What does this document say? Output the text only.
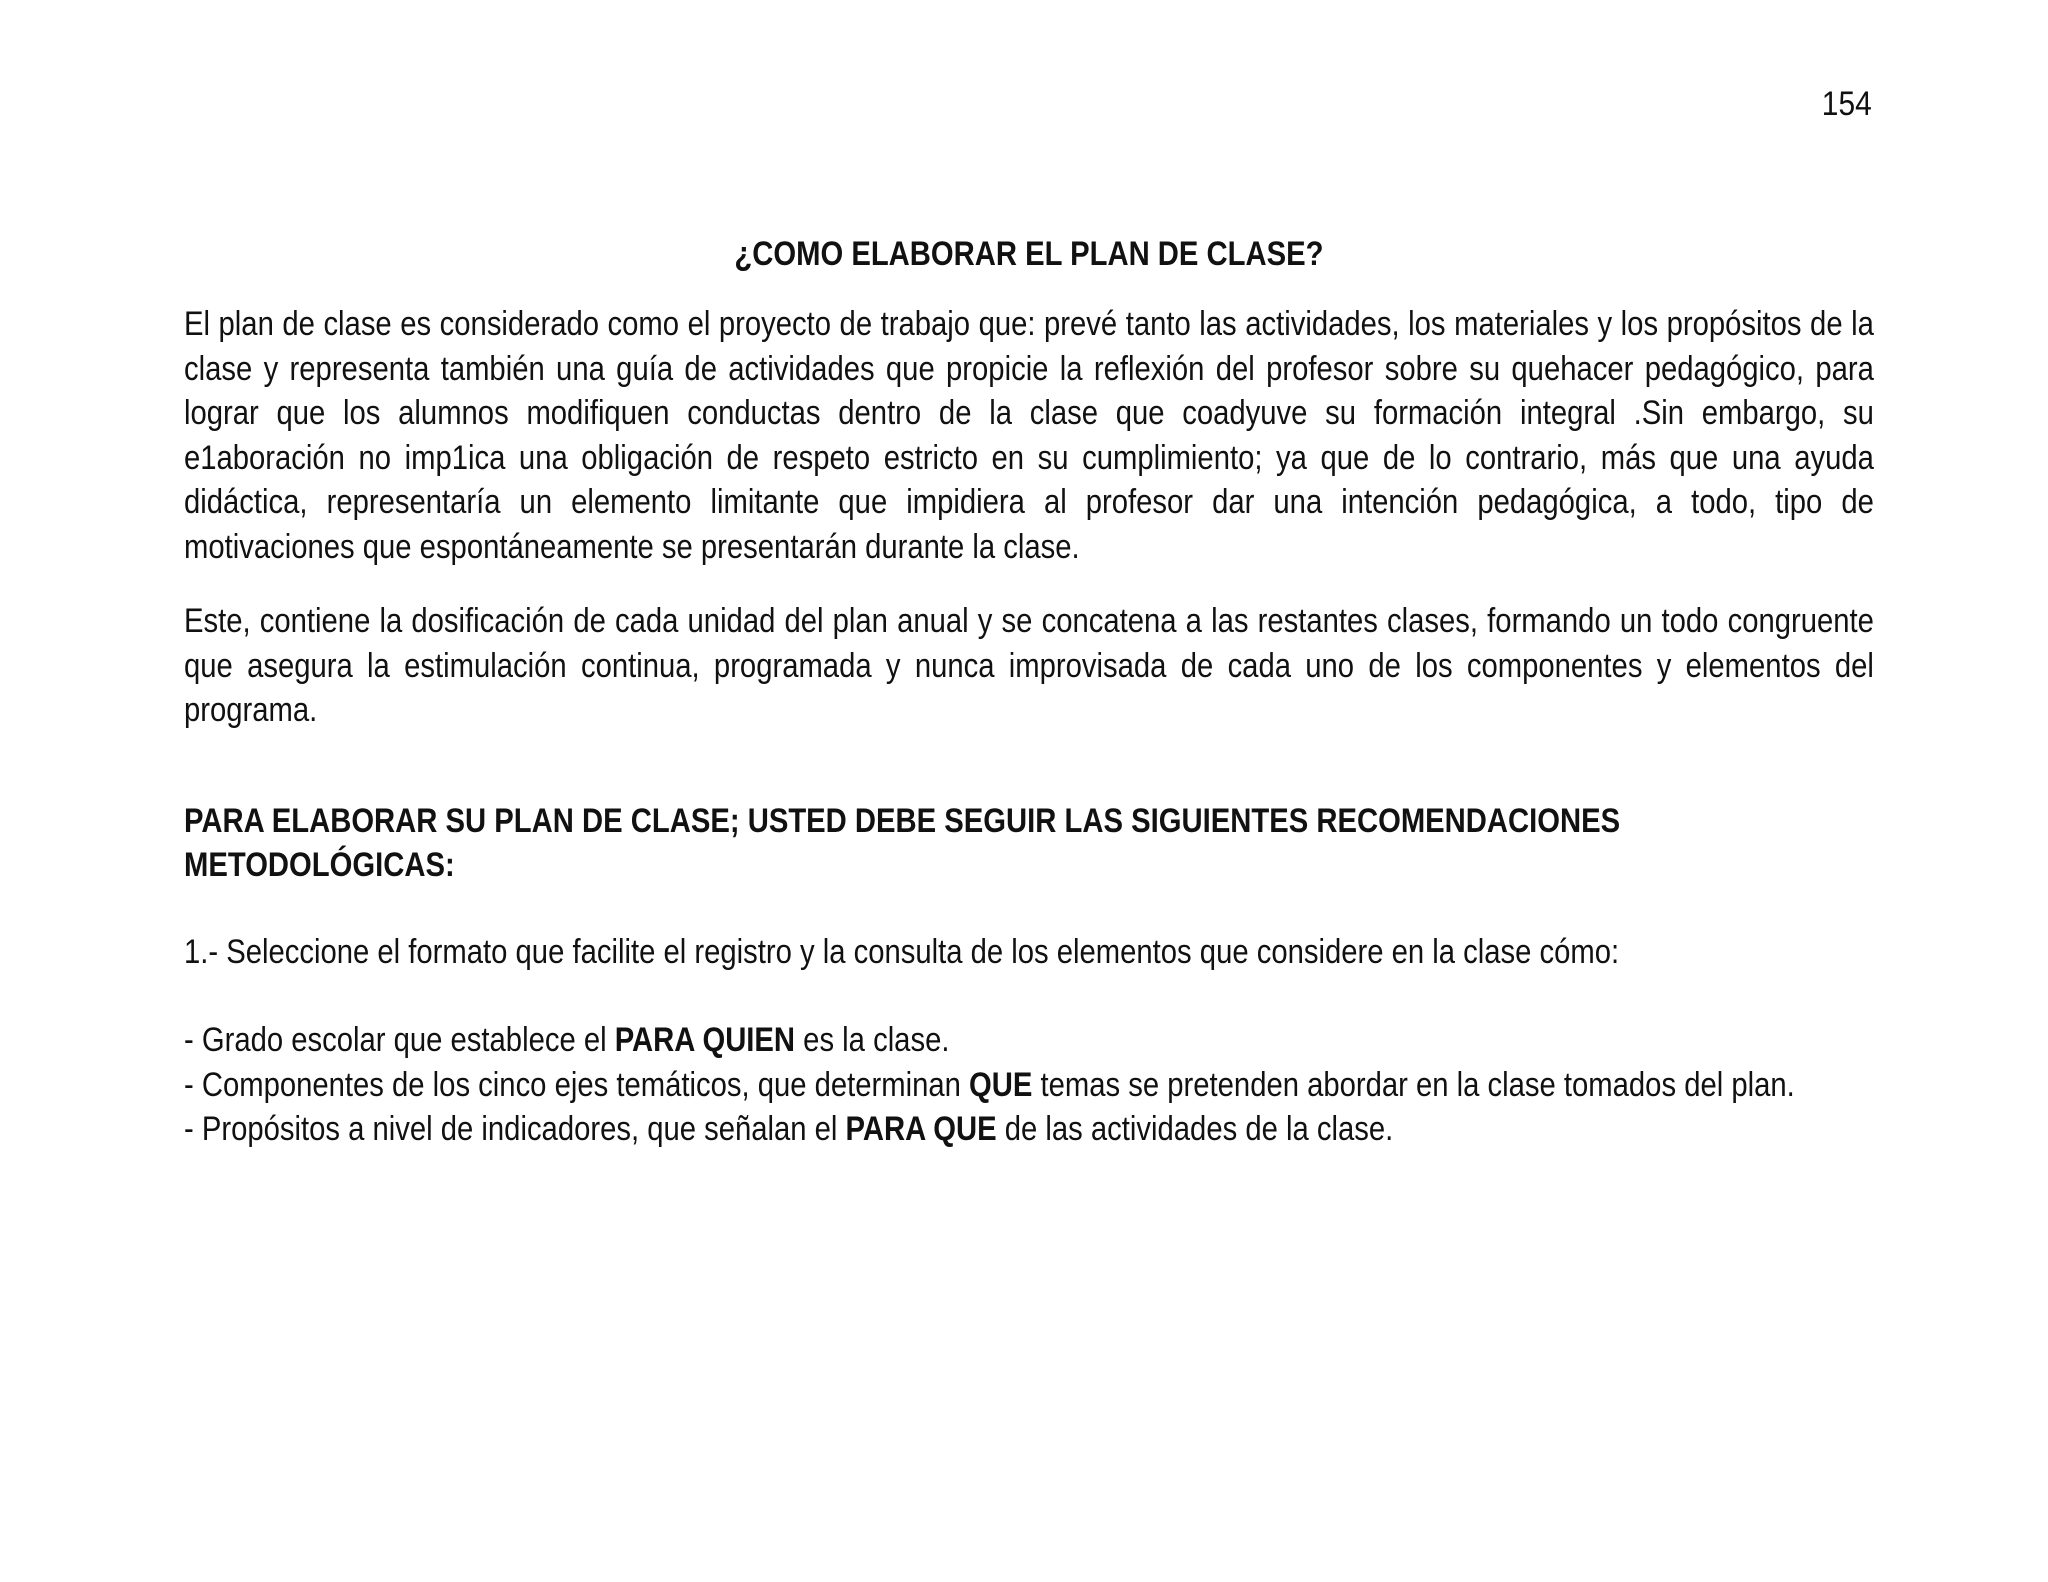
154
¿COMO ELABORAR EL PLAN DE CLASE?

El plan de clase es considerado como el proyecto de trabajo que: prevé tanto las actividades, los materiales y los propósitos de la clase y representa también una guía de actividades que propicie la reflexión del profesor sobre su quehacer pedagógico, para lograr que los alumnos modifiquen conductas dentro de la clase que coadyuve su formación integral .Sin embargo, su e1aboración no imp1ica una obligación de respeto estricto en su cumplimiento; ya que de lo contrario, más que una ayuda didáctica, representaría un elemento limitante que impidiera al profesor dar una intención pedagógica, a todo, tipo de motivaciones que espontáneamente se presentarán durante la clase.

Este, contiene la dosificación de cada unidad del plan anual y se concatena a las restantes clases, formando un todo congruente que asegura la estimulación continua, programada y nunca improvisada de cada uno de los componentes y elementos del programa.

PARA ELABORAR SU PLAN DE CLASE; USTED DEBE SEGUIR LAS SIGUIENTES RECOMENDACIONES METODOLÓGICAS:
1.- Seleccione el formato que facilite el registro y la consulta de los elementos que considere en la clase cómo:
- Grado escolar que establece el PARA QUIEN es la clase.
- Componentes de los cinco ejes temáticos, que determinan QUE temas se pretenden abordar en la clase tomados del plan.
- Propósitos a nivel de indicadores, que señalan el PARA QUE de las actividades de la clase.
